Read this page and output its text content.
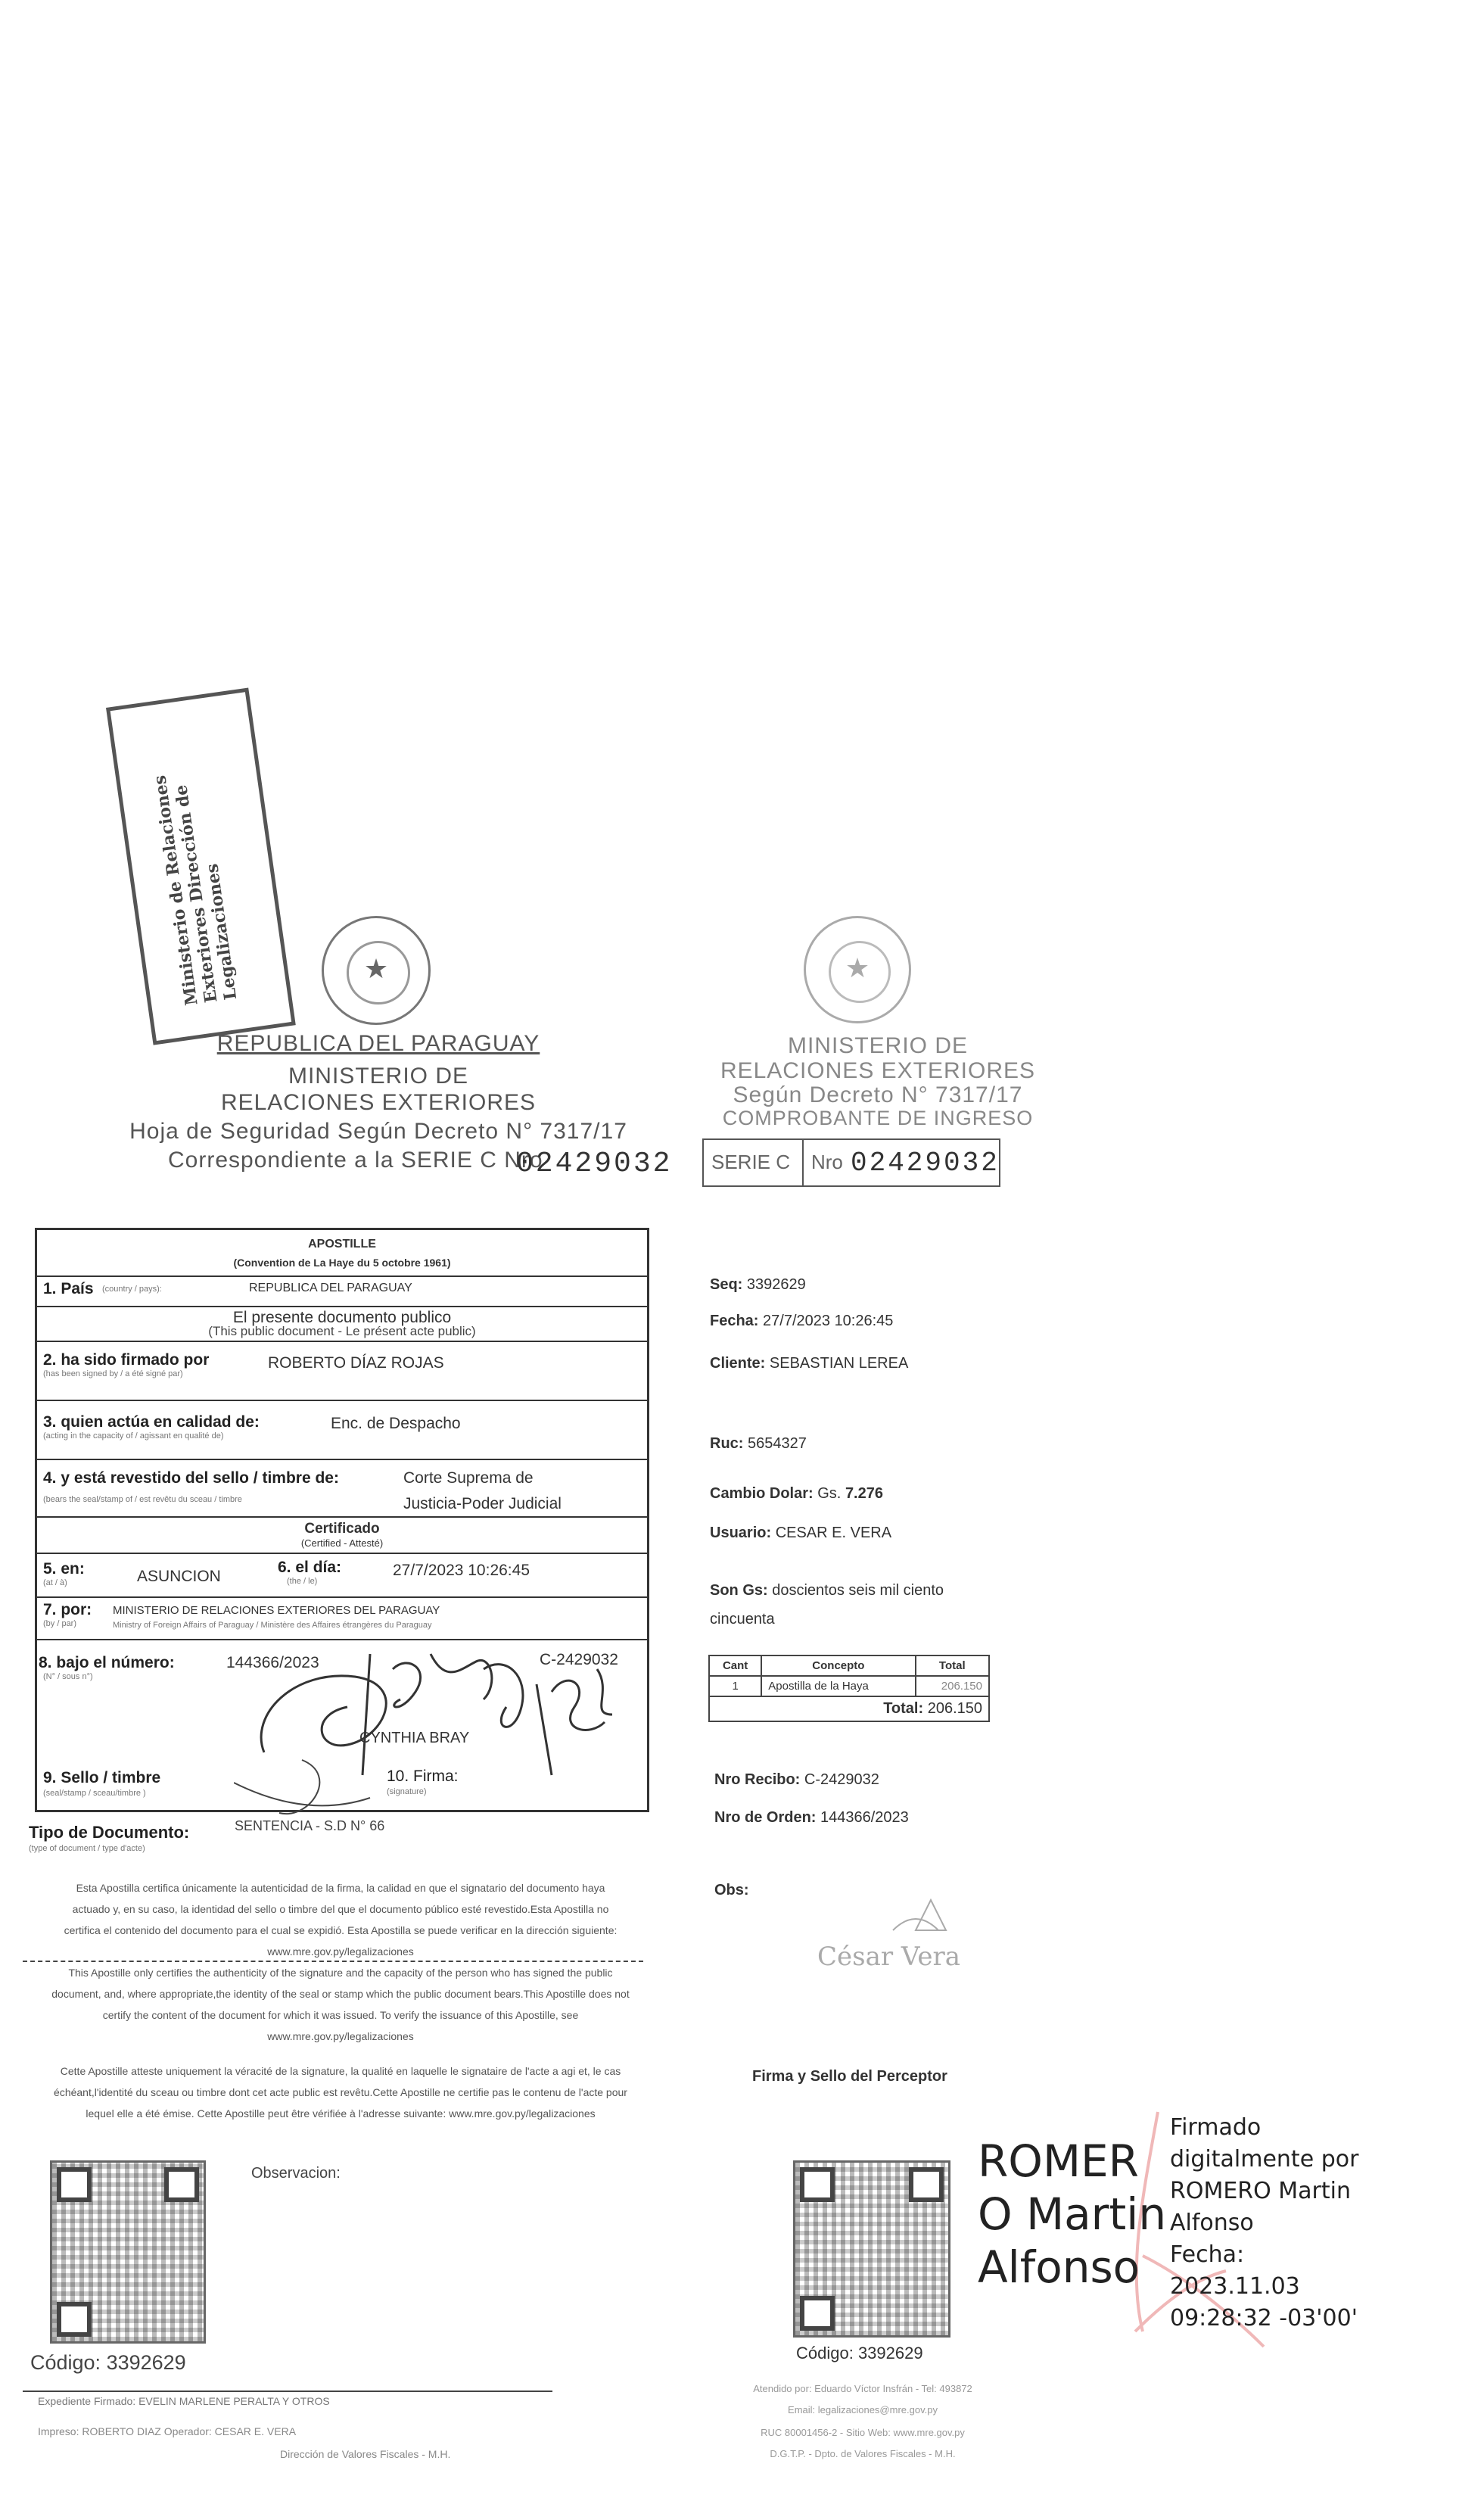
Ministerio de Relaciones Exteriores Dirección de Legalizaciones	★
REPUBLICA DEL PARAGUAY
MINISTERIO DE
RELACIONES EXTERIORES
Hoja de Seguridad Según Decreto N° 7317/17
Correspondiente a la SERIE C Nro
02429032
★
MINISTERIO DE
RELACIONES EXTERIORES
Según Decreto N° 7317/17
COMPROBANTE DE INGRESO
SERIE C Nro 02429032
APOSTILLE
(Convention de La Haye du 5 octobre 1961)
1. País (country / pays):	REPUBLICA DEL PARAGUAY
El presente documento publico
(This public document - Le présent acte public)
2. ha sido firmado por
(has been signed by / a été signé par)
ROBERTO DÍAZ ROJAS
3. quien actúa en calidad de:
(acting in the capacity of / agissant en qualité de)
Enc. de Despacho
4. y está revestido del sello / timbre de:
(bears the seal/stamp of / est revêtu du sceau / timbre
Corte Suprema de
Justicia-Poder Judicial
Certificado
(Certified - Attesté)
5. en:
(at / à)	ASUNCION
6. el día:
(the / le)
27/7/2023 10:26:45
7. por:
(by / par)
MINISTERIO DE RELACIONES EXTERIORES DEL PARAGUAY
Ministry of Foreign Affairs of Paraguay / Ministère des Affaires étrangères du Paraguay
8. bajo el número:
(N° / sous n°)
144366/2023	C-2429032
CYNTHIA BRAY
9. Sello / timbre
(seal/stamp / sceau/timbre )
10. Firma:
(signature)
Tipo de Documento:
(type of document / type d'acte)
SENTENCIA - S.D N° 66
Esta Apostilla certifica únicamente la autenticidad de la firma, la calidad en que el signatario del documento haya actuado y, en su caso, la identidad del sello o timbre del que el documento público esté revestido.Esta Apostilla no certifica el contenido del documento para el cual se expidió. Esta Apostilla se puede verificar en la dirección siguiente: www.mre.gov.py/legalizaciones
This Apostille only certifies the authenticity of the signature and the capacity of the person who has signed the public document, and, where appropriate,the identity of the seal or stamp which the public document bears.This Apostille does not certify the content of the document for which it was issued. To verify the issuance of this Apostille, see www.mre.gov.py/legalizaciones
Cette Apostille atteste uniquement la véracité de la signature, la qualité en laquelle le signataire de l'acte a agi et, le cas échéant,l'identité du sceau ou timbre dont cet acte public est revêtu.Cette Apostille ne certifie pas le contenu de l'acte pour lequel elle a été émise. Cette Apostille peut être vérifiée à l'adresse suivante: www.mre.gov.py/legalizaciones
Observacion:
Código: 3392629
Expediente Firmado: EVELIN MARLENE PERALTA Y OTROS
Impreso: ROBERTO DIAZ Operador: CESAR E. VERA
Dirección de Valores Fiscales - M.H.
Seq: 3392629
Fecha: 27/7/2023 10:26:45
Cliente: SEBASTIAN LEREA
Ruc: 5654327
Cambio Dolar: Gs. 7.276
Usuario: CESAR E. VERA
Son Gs: doscientos seis mil ciento
cincuenta
Cant	Concepto	Total
1	Apostilla de la Haya	206.150
Total: 206.150		
Nro Recibo: C-2429032
Nro de Orden: 144366/2023
Obs:
César Vera
Firma y Sello del Perceptor
Código: 3392629
Atendido por: Eduardo Víctor Insfrán - Tel: 493872
Email: legalizaciones@mre.gov.py
RUC 80001456-2 - Sitio Web: www.mre.gov.py
D.G.T.P. - Dpto. de Valores Fiscales - M.H.
ROMER
O Martin
Alfonso
Firmado
digitalmente por
ROMERO Martin
Alfonso
Fecha:
2023.11.03
09:28:32 -03'00'
